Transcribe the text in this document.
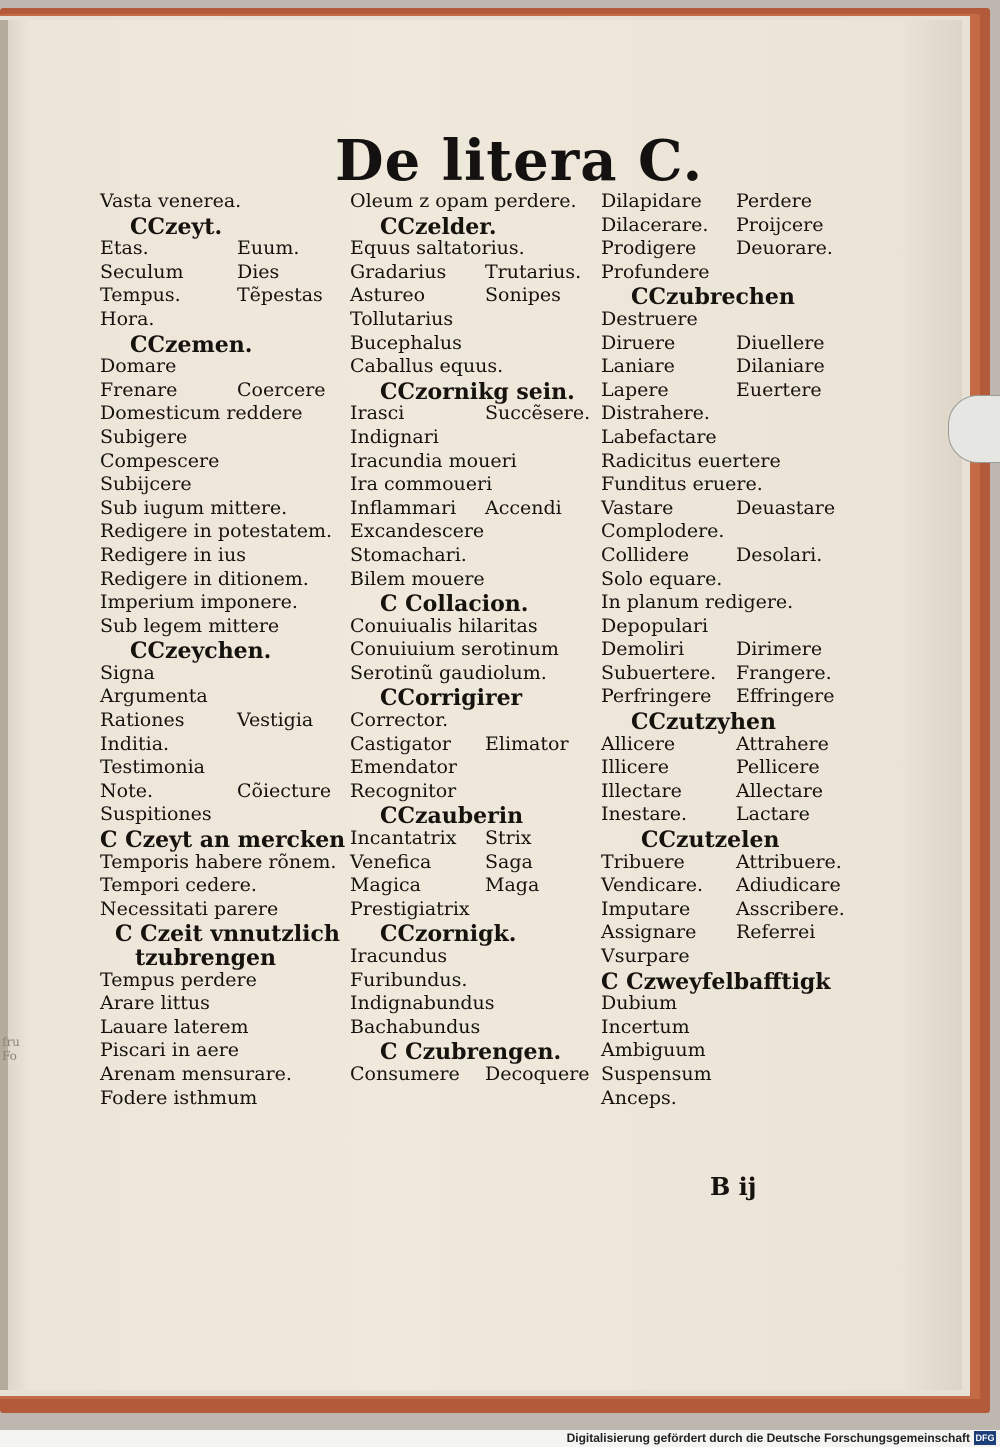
fru
Fo
De litera C.
Vasta venerea.
CCzeyt.
Etas.	Euum.
Seculum	Dies
Tempus.	Tẽpestas
Hora.
CCzemen.
Domare
Frenare	Coercere
Domesticum reddere
Subigere
Compescere
Subijcere
Sub iugum mittere.
Redigere in potestatem.
Redigere in ius
Redigere in ditionem.
Imperium imponere.
Sub legem mittere
CCzeychen.
Signa
Argumenta
Rationes	Vestigia
Inditia.
Testimonia
Note.	Cõiecture
Suspitiones
C Czeyt an mercken
Temporis habere rõnem.
Tempori cedere.
Necessitati parere
C Czeit vnnutzlich
tzubrengen
Tempus perdere
Arare littus
Lauare laterem
Piscari in aere
Arenam mensurare.
Fodere isthmum
Oleum z opam perdere.
CCzelder.
Equus saltatorius.
Gradarius Trutarius.
Astureo	Sonipes
Tollutarius
Bucephalus
Caballus equus.
CCzornikg sein.
Irasci	Succẽsere.
Indignari
Iracundia moueri
Ira commoueri
Inflammari Accendi
Excandescere
Stomachari.
Bilem mouere
C Collacion.
Conuiualis hilaritas
Conuiuium serotinum
Serotinũ gaudiolum.
CCorrigirer
Corrector.
Castigator Elimator
Emendator
Recognitor
CCzauberin
Incantatrix Strix
Venefica	Saga
Magica	Maga
Prestigiatrix
CCzornigk.
Iracundus
Furibundus.
Indignabundus
Bachabundus
C Czubrengen.
Consumere Decoquere
Dilapidare Perdere
Dilacerare. Proijcere
Prodigere Deuorare.
Profundere
CCzubrechen
Destruere
Diruere	Diuellere
Laniare	Dilaniare
Lapere	Euertere
Distrahere.
Labefactare
Radicitus euertere
Funditus eruere.
Vastare	Deuastare
Complodere.
Collidere Desolari.
Solo equare.
In planum redigere.
Depopulari
Demoliri	Dirimere
Subuertere. Frangere.
Perfringere Effringere
CCzutzyhen
Allicere	Attrahere
Illicere	Pellicere
Illectare	Allectare
Inestare.	Lactare
CCzutzelen
Tribuere	Attribuere.
Vendicare. Adiudicare
Imputare Asscribere.
Assignare Referrei
Vsurpare
C Czweyfelbafftigk
Dubium
Incertum
Ambiguum
Suspensum
Anceps.
B ij
Digitalisierung gefördert durch die Deutsche Forschungsgemeinschaft DFG
